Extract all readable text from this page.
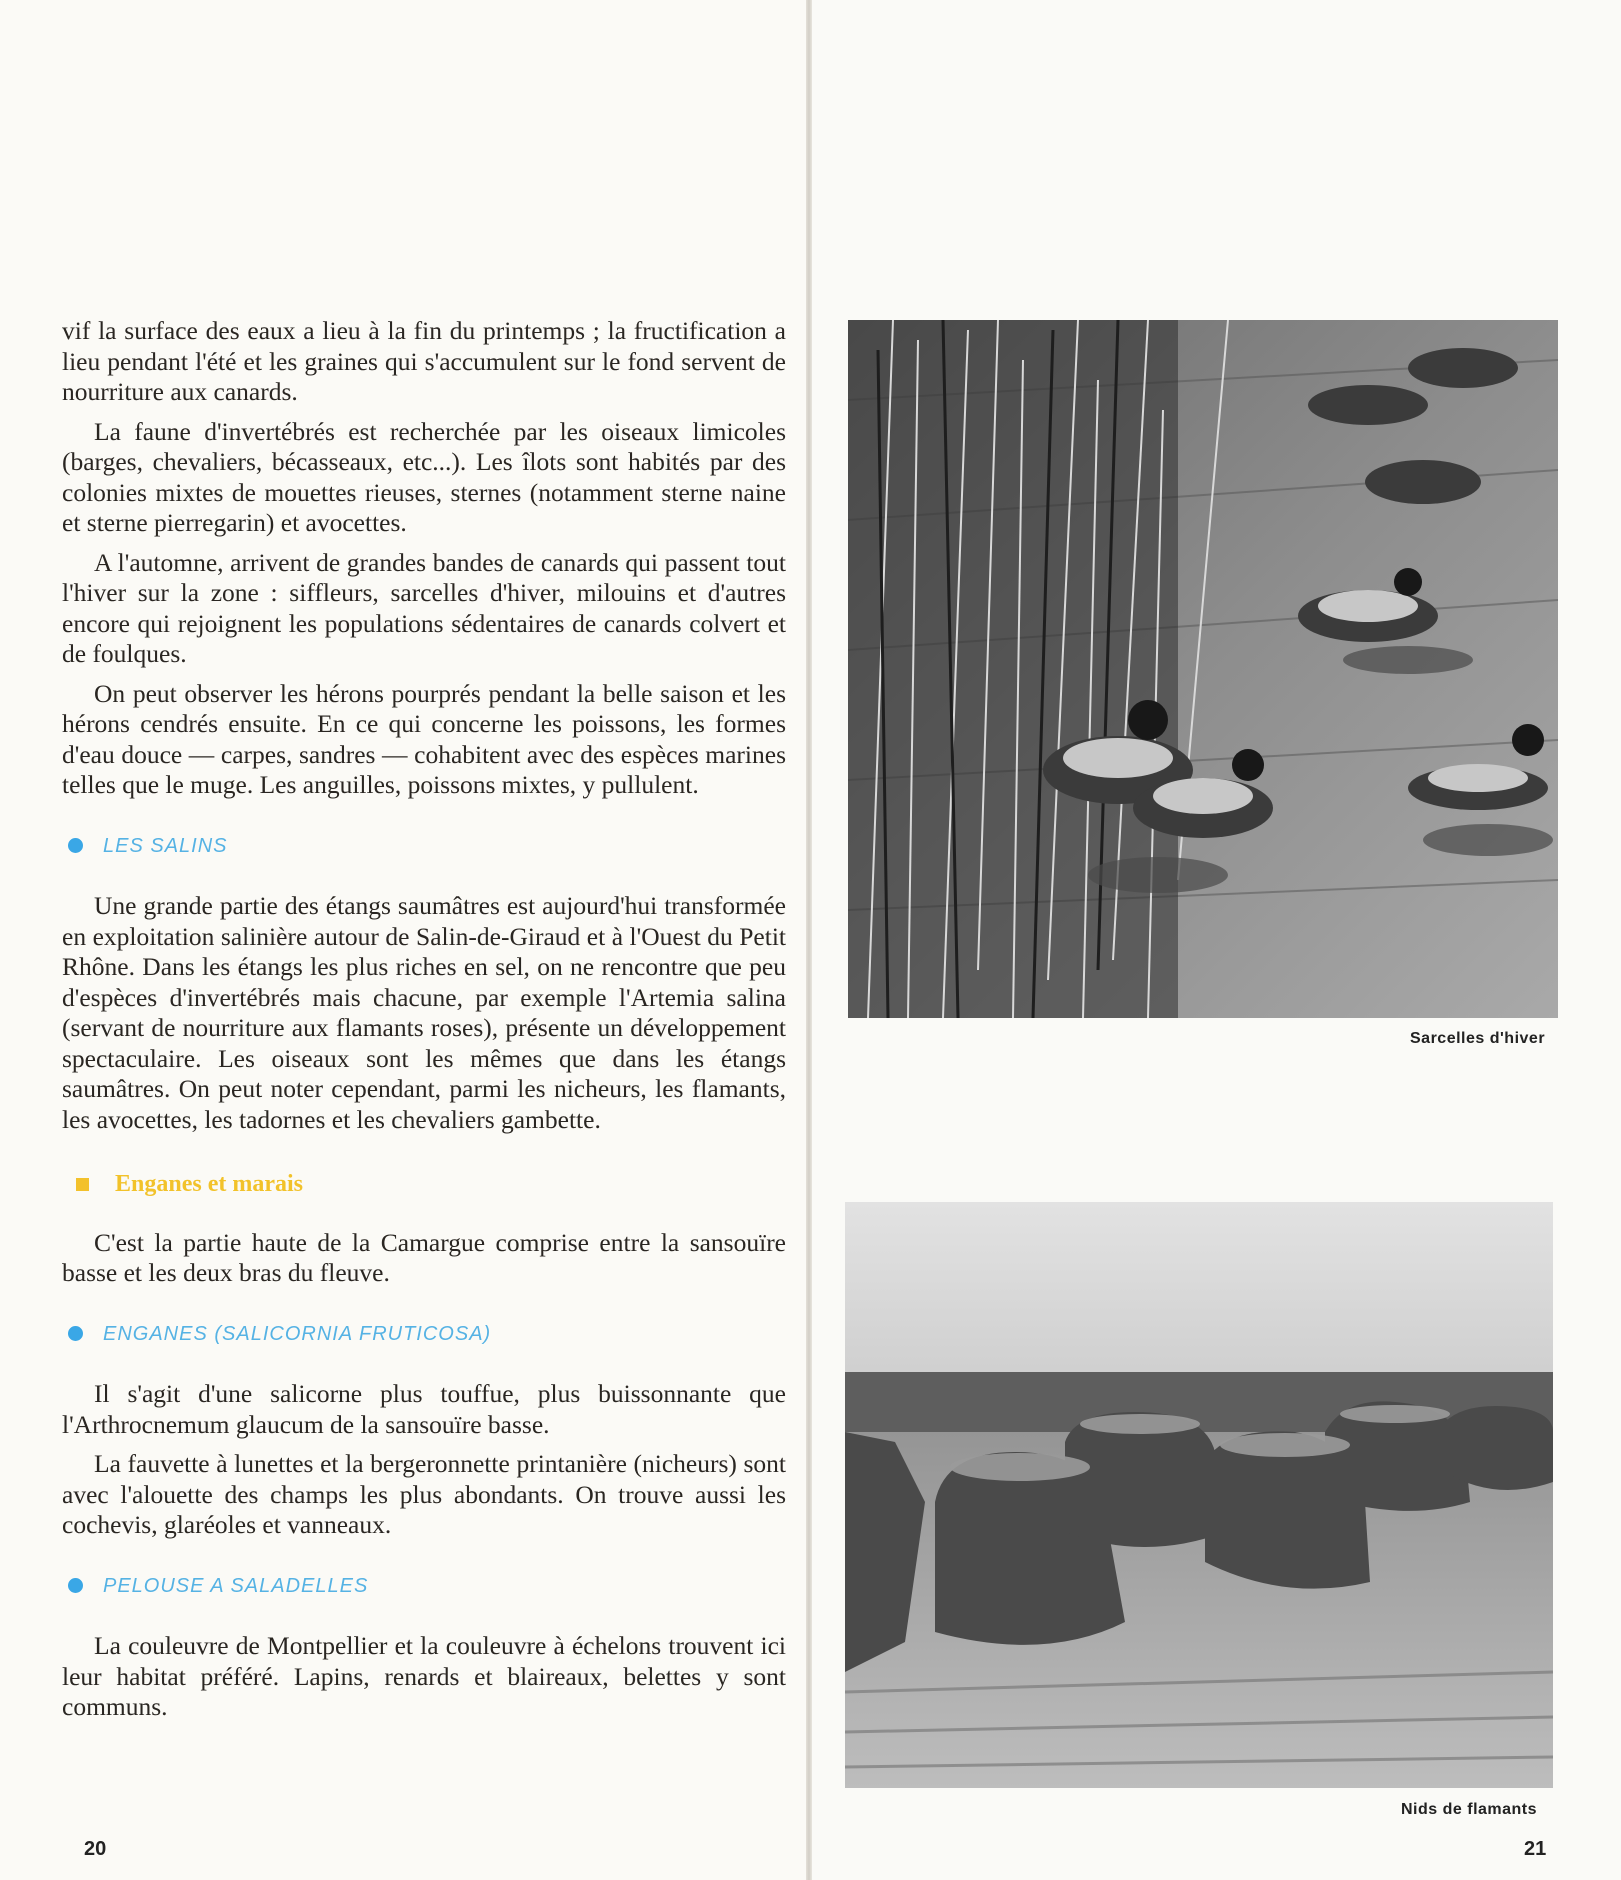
vif la surface des eaux a lieu à la fin du printemps ; la fructification a lieu pendant l'été et les graines qui s'accumulent sur le fond servent de nourriture aux canards.

La faune d'invertébrés est recherchée par les oiseaux limicoles (barges, chevaliers, bécasseaux, etc...). Les îlots sont habités par des colonies mixtes de mouettes rieuses, sternes (notamment sterne naine et sterne pierregarin) et avocettes.

A l'automne, arrivent de grandes bandes de canards qui passent tout l'hiver sur la zone : siffleurs, sarcelles d'hiver, milouins et d'autres encore qui rejoignent les populations sédentaires de canards colvert et de foulques.

On peut observer les hérons pourprés pendant la belle saison et les hérons cendrés ensuite. En ce qui concerne les poissons, les formes d'eau douce — carpes, sandres — cohabitent avec des espèces marines telles que le muge. Les anguilles, poissons mixtes, y pullulent.

LES SALINS

Une grande partie des étangs saumâtres est aujourd'hui transformée en exploitation salinière autour de Salin-de-Giraud et à l'Ouest du Petit Rhône. Dans les étangs les plus riches en sel, on ne rencontre que peu d'espèces d'invertébrés mais chacune, par exemple l'Artemia salina (servant de nourriture aux flamants roses), présente un développement spectaculaire. Les oiseaux sont les mêmes que dans les étangs saumâtres. On peut noter cependant, parmi les nicheurs, les flamants, les avocettes, les tadornes et les chevaliers gambette.

Enganes et marais

C'est la partie haute de la Camargue comprise entre la sansouïre basse et les deux bras du fleuve.

ENGANES (SALICORNIA FRUTICOSA)

Il s'agit d'une salicorne plus touffue, plus buissonnante que l'Arthrocnemum glaucum de la sansouïre basse.

La fauvette à lunettes et la bergeronnette printanière (nicheurs) sont avec l'alouette des champs les plus abondants. On trouve aussi les cochevis, glaréoles et vanneaux.

PELOUSE A SALADELLES

La couleuvre de Montpellier et la couleuvre à échelons trouvent ici leur habitat préféré. Lapins, renards et blaireaux, belettes y sont communs.

20
Sarcelles d'hiver
Nids de flamants
21
